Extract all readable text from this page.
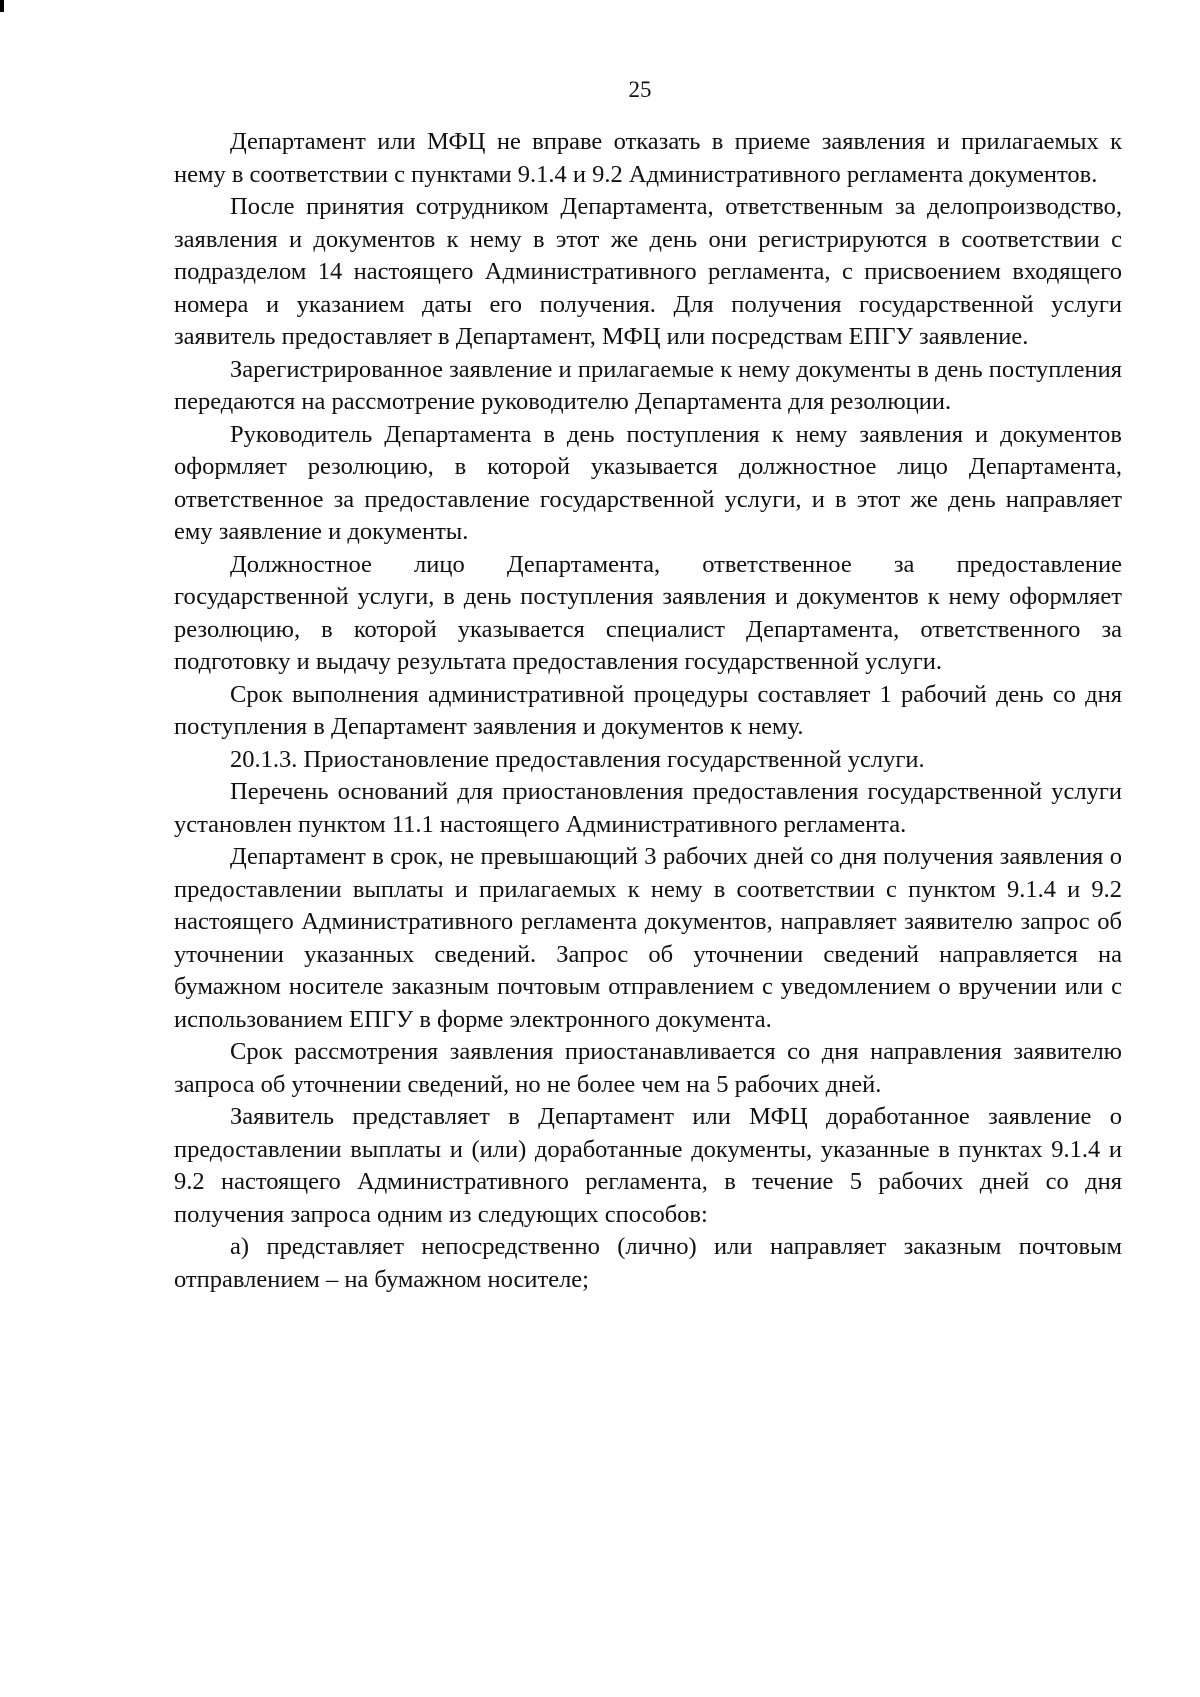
25

Департамент или МФЦ не вправе отказать в приеме заявления и прилагаемых к нему в соответствии с пунктами 9.1.4 и 9.2 Административного регламента документов.

После принятия сотрудником Департамента, ответственным за делопроизводство, заявления и документов к нему в этот же день они регистрируются в соответствии с подразделом 14 настоящего Административного регламента, с присвоением входящего номера и указанием даты его получения. Для получения государственной услуги заявитель предоставляет в Департамент, МФЦ или посредствам ЕПГУ заявление.

Зарегистрированное заявление и прилагаемые к нему документы в день поступления передаются на рассмотрение руководителю Департамента для резолюции.

Руководитель Департамента в день поступления к нему заявления и документов оформляет резолюцию, в которой указывается должностное лицо Департамента, ответственное за предоставление государственной услуги, и в этот же день направляет ему заявление и документы.

Должностное лицо Департамента, ответственное за предоставление государственной услуги, в день поступления заявления и документов к нему оформляет резолюцию, в которой указывается специалист Департамента, ответственного за подготовку и выдачу результата предоставления государственной услуги.

Срок выполнения административной процедуры составляет 1 рабочий день со дня поступления в Департамент заявления и документов к нему.

20.1.3. Приостановление предоставления государственной услуги.

Перечень оснований для приостановления предоставления государственной услуги установлен пунктом 11.1 настоящего Административного регламента.

Департамент в срок, не превышающий 3 рабочих дней со дня получения заявления о предоставлении выплаты и прилагаемых к нему в соответствии с пунктом 9.1.4 и 9.2 настоящего Административного регламента документов, направляет заявителю запрос об уточнении указанных сведений. Запрос об уточнении сведений направляется на бумажном носителе заказным почтовым отправлением с уведомлением о вручении или с использованием ЕПГУ в форме электронного документа.

Срок рассмотрения заявления приостанавливается со дня направления заявителю запроса об уточнении сведений, но не более чем на 5 рабочих дней.

Заявитель представляет в Департамент или МФЦ доработанное заявление о предоставлении выплаты и (или) доработанные документы, указанные в пунктах 9.1.4 и 9.2 настоящего Административного регламента, в течение 5 рабочих дней со дня получения запроса одним из следующих способов:

а) представляет непосредственно (лично) или направляет заказным почтовым отправлением – на бумажном носителе;
